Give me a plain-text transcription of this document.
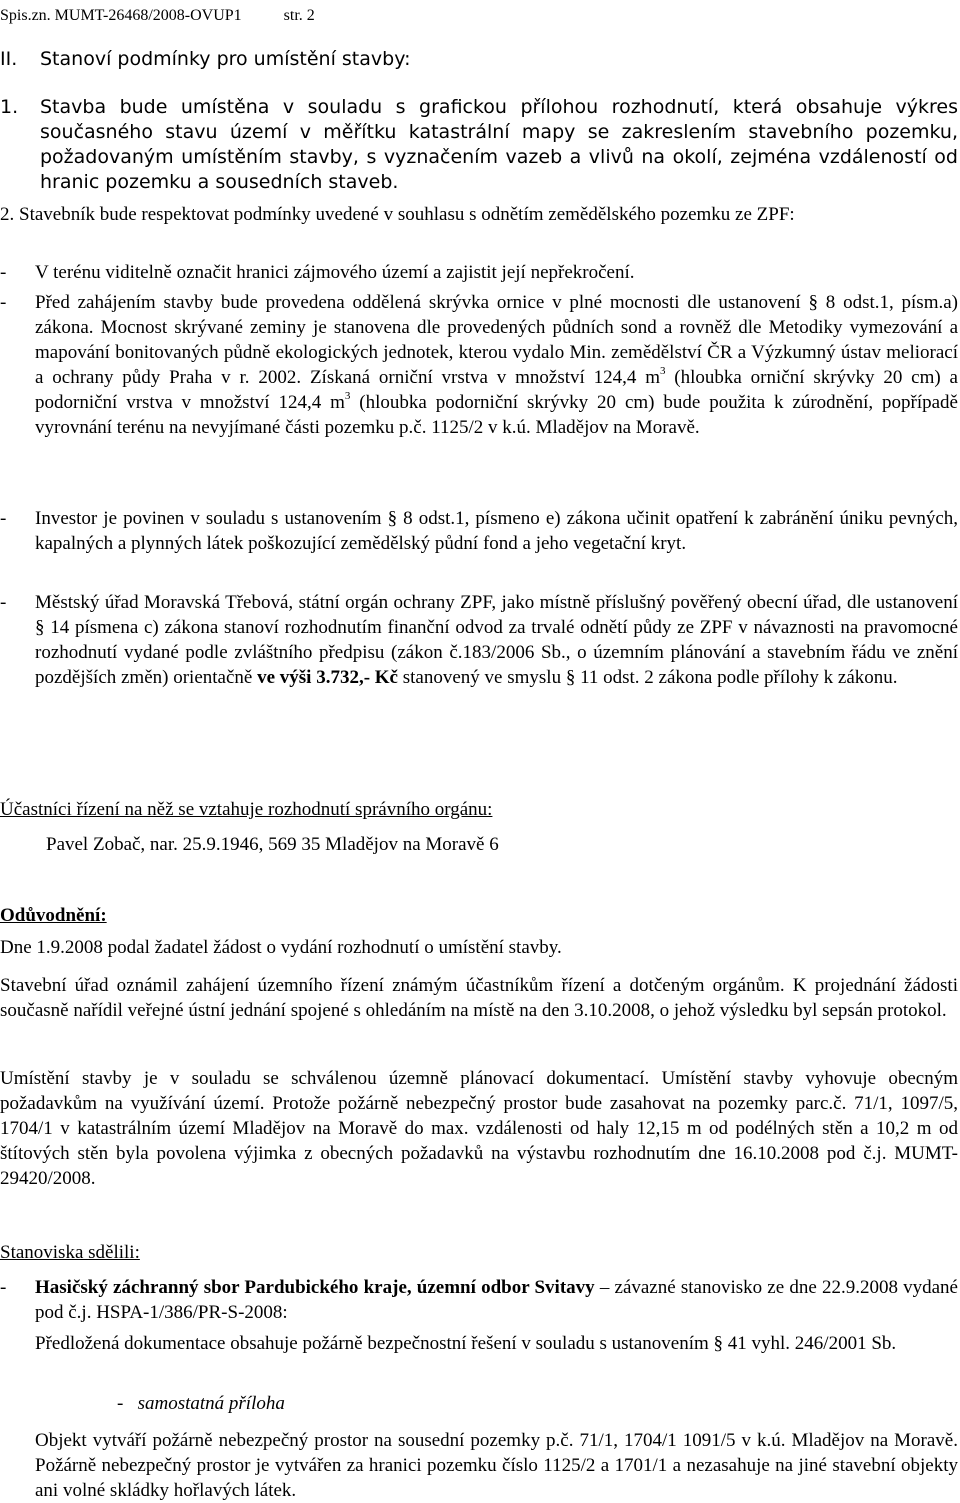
Spis.zn. MUMT-26468/2008-OVUP1	str. 2
II. Stanoví podmínky pro umístění stavby:
1.	Stavba bude umístěna v souladu s grafickou přílohou rozhodnutí, která obsahuje výkres současného stavu území v měřítku katastrální mapy se zakreslením stavebního pozemku, požadovaným umístěním stavby, s vyznačením vazeb a vlivů na okolí, zejména vzdáleností od hranic pozemku a sousedních staveb.
2. Stavebník bude respektovat podmínky uvedené v souhlasu s odnětím zemědělského pozemku ze ZPF:
-	V terénu viditelně označit hranici zájmového území a zajistit její nepřekročení.
-	Před zahájením stavby bude provedena oddělená skrývka ornice v plné mocnosti dle ustanovení § 8 odst.1, písm.a) zákona. Mocnost skrývané zeminy je stanovena dle provedených půdních sond a rovněž dle Metodiky vymezování a mapování bonitovaných půdně ekologických jednotek, kterou vydalo Min. zemědělství ČR a Výzkumný ústav meliorací a ochrany půdy Praha v r. 2002. Získaná orniční vrstva v množství 124,4 $m^3$ (hloubka orniční skrývky 20 cm) a podorniční vrstva v množství 124,4 $m^3$ (hloubka podorniční skrývky 20 cm) bude použita k zúrodnění, popřípadě vyrovnání terénu na nevyjímané části pozemku p.č. 1125/2 v k.ú. Mladějov na Moravě.
-	Investor je povinen v souladu s ustanovením § 8 odst.1, písmeno e) zákona učinit opatření k zabránění úniku pevných, kapalných a plynných látek poškozující zemědělský půdní fond a jeho vegetační kryt.
-	Městský úřad Moravská Třebová, státní orgán ochrany ZPF, jako místně příslušný pověřený obecní úřad, dle ustanovení § 14 písmena c) zákona stanoví rozhodnutím finanční odvod za trvalé odnětí půdy ze ZPF v návaznosti na pravomocné rozhodnutí vydané podle zvláštního předpisu (zákon č.183/2006 Sb., o územním plánování a stavebním řádu ve znění pozdějších změn) orientačně ve výši 3.732,- Kč stanovený ve smyslu § 11 odst. 2 zákona podle přílohy k zákonu.
Účastníci řízení na něž se vztahuje rozhodnutí správního orgánu:
Pavel Zobač, nar. 25.9.1946, 569 35 Mladějov na Moravě 6
Odůvodnění:
Dne 1.9.2008 podal žadatel žádost o vydání rozhodnutí o umístění stavby.
Stavební úřad oznámil zahájení územního řízení známým účastníkům řízení a dotčeným orgánům. K projednání žádosti současně nařídil veřejné ústní jednání spojené s ohledáním na místě na den 3.10.2008, o jehož výsledku byl sepsán protokol.
Umístění stavby je v souladu se schválenou územně plánovací dokumentací. Umístění stavby vyhovuje obecným požadavkům na využívání území. Protože požárně nebezpečný prostor bude zasahovat na pozemky parc.č. 71/1, 1097/5, 1704/1 v katastrálním území Mladějov na Moravě do max. vzdálenosti od haly 12,15 m od podélných stěn a 10,2 m od štítových stěn byla povolena výjimka z obecných požadavků na výstavbu rozhodnutím dne 16.10.2008 pod č.j. MUMT-29420/2008.
Stanoviska sdělili:
-	Hasičský záchranný sbor Pardubického kraje, územní odbor Svitavy – závazné stanovisko ze dne 22.9.2008 vydané pod č.j. HSPA-1/386/PR-S-2008:
Předložená dokumentace obsahuje požárně bezpečnostní řešení v souladu s ustanovením § 41 vyhl. 246/2001 Sb.
- samostatná příloha
Objekt vytváří požárně nebezpečný prostor na sousední pozemky p.č. 71/1, 1704/1 1091/5 v k.ú. Mladějov na Moravě. Požárně nebezpečný prostor je vytvářen za hranici pozemku číslo 1125/2 a 1701/1 a nezasahuje na jiné stavební objekty ani volné skládky hořlavých látek.
